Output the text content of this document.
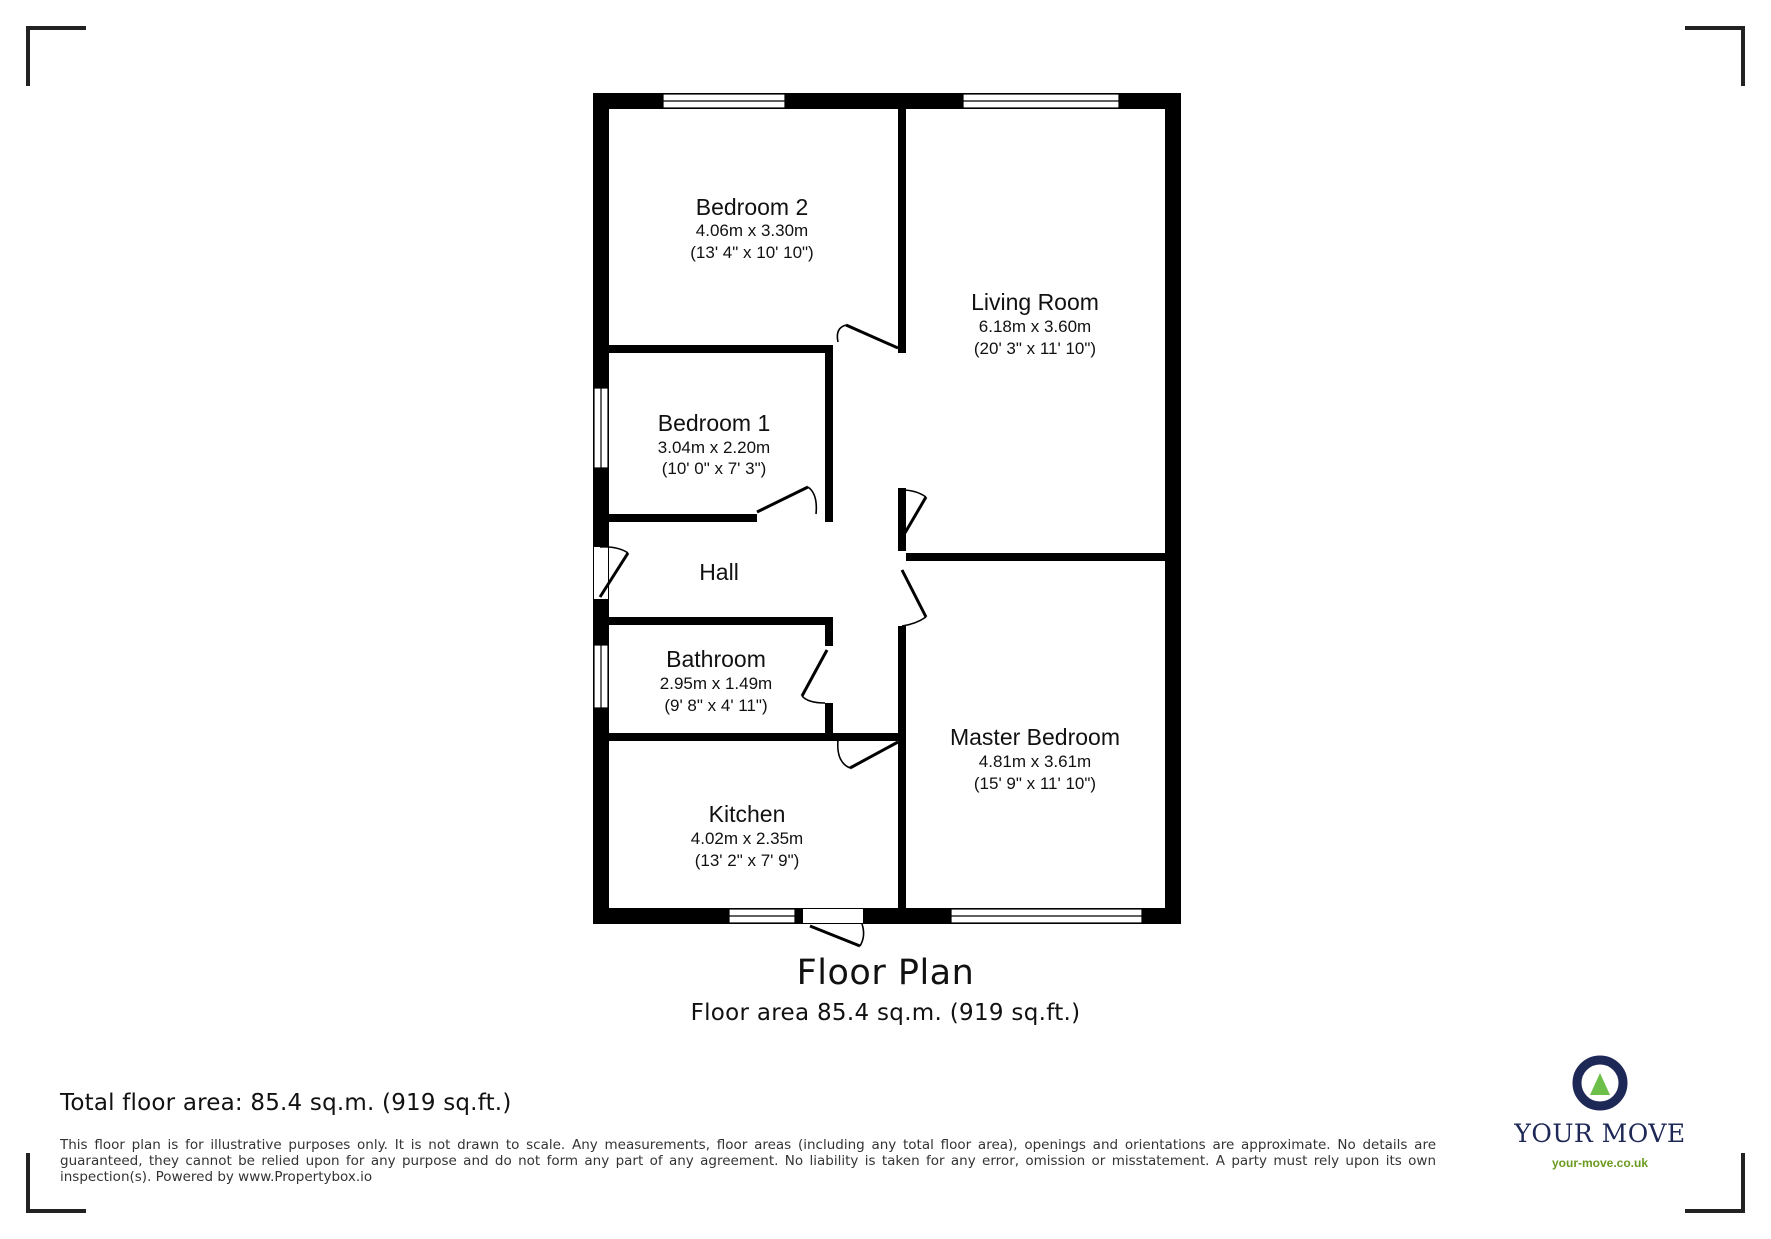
Bedroom 2
4.06m x 3.30m
(13' 4" x 10' 10")
Living Room
6.18m x 3.60m
(20' 3" x 11' 10")
Bedroom 1
3.04m x 2.20m
(10' 0" x 7' 3")
Hall
Bathroom
2.95m x 1.49m
(9' 8" x 4' 11")
Master Bedroom
4.81m x 3.61m
(15' 9" x 11' 10")
Kitchen
4.02m x 2.35m
(13' 2" x 7' 9")
Floor Plan
Floor area 85.4 sq.m. (919 sq.ft.)
Total floor area: 85.4 sq.m. (919 sq.ft.)
This floor plan is for illustrative purposes only. It is not drawn to scale. Any measurements, floor areas (including any total floor area), openings and orientations are approximate. No details are guaranteed, they cannot be relied upon for any purpose and do not form any part of any agreement. No liability is taken for any error, omission or misstatement. A party must rely upon its own inspection(s). Powered by www.Propertybox.io
YOUR MOVE
your-move.co.uk
